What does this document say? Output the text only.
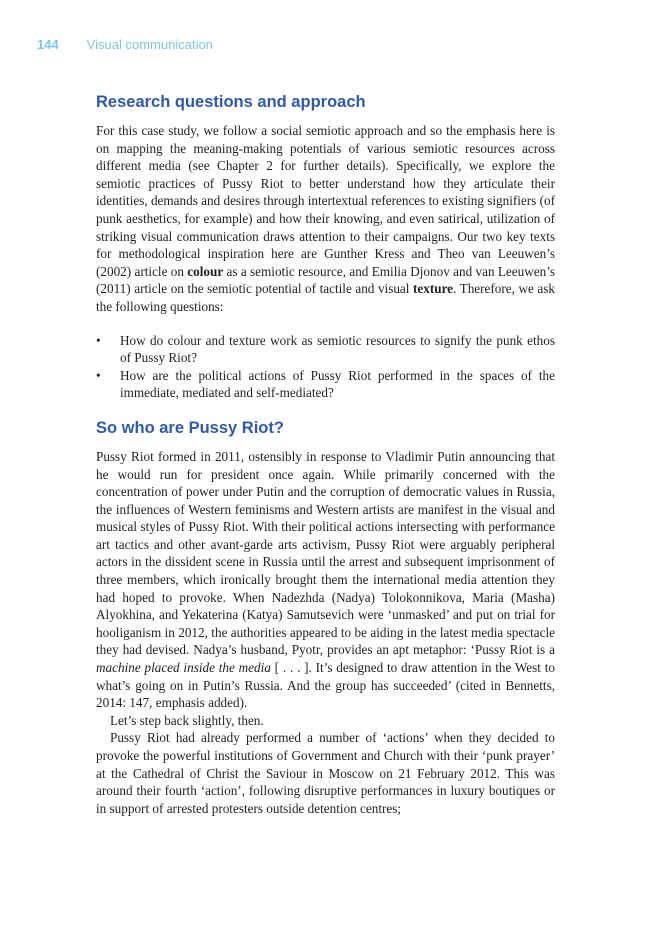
144 Visual communication
Research questions and approach

For this case study, we follow a social semiotic approach and so the emphasis here is on mapping the meaning-making potentials of various semiotic resources across different media (see Chapter 2 for further details). Specifically, we explore the semiotic practices of Pussy Riot to better understand how they articulate their identities, demands and desires through intertextual references to existing signifiers (of punk aesthetics, for example) and how their knowing, and even satirical, utilization of striking visual communication draws attention to their campaigns. Our two key texts for methodological inspiration here are Gunther Kress and Theo van Leeuwen’s (2002) article on colour as a semiotic resource, and Emilia Djonov and van Leeuwen’s (2011) article on the semiotic potential of tactile and visual texture. Therefore, we ask the following questions:

• How do colour and texture work as semiotic resources to signify the punk ethos of Pussy Riot?
• How are the political actions of Pussy Riot performed in the spaces of the immediate, mediated and self-mediated?
So who are Pussy Riot?

Pussy Riot formed in 2011, ostensibly in response to Vladimir Putin announcing that he would run for president once again. While primarily concerned with the concentration of power under Putin and the corruption of democratic values in Russia, the influences of Western feminisms and Western artists are manifest in the visual and musical styles of Pussy Riot. With their political actions intersecting with performance art tactics and other avant-garde arts activism, Pussy Riot were arguably peripheral actors in the dissident scene in Russia until the arrest and subsequent imprisonment of three members, which ironically brought them the international media attention they had hoped to provoke. When Nadezhda (Nadya) Tolokonnikova, Maria (Masha) Alyokhina, and Yekaterina (Katya) Samutsevich were ‘unmasked’ and put on trial for hooliganism in 2012, the authorities appeared to be aiding in the latest media spectacle they had devised. Nadya’s husband, Pyotr, provides an apt metaphor: ‘Pussy Riot is a machine placed inside the media [ . . . ]. It’s designed to draw attention in the West to what’s going on in Putin’s Russia. And the group has succeeded’ (cited in Bennetts, 2014: 147, emphasis added).

Let’s step back slightly, then.

Pussy Riot had already performed a number of ‘actions’ when they decided to provoke the powerful institutions of Government and Church with their ‘punk prayer’ at the Cathedral of Christ the Saviour in Moscow on 21 February 2012. This was around their fourth ‘action’, following disruptive performances in luxury boutiques or in support of arrested protesters outside detention centres;
